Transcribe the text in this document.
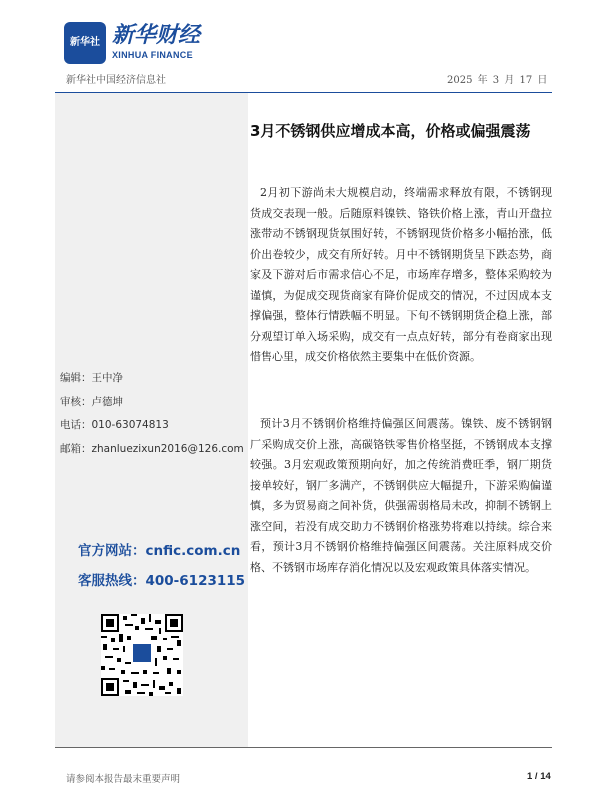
新华社 新华财经
XINHUA FINANCE
新华社中国经济信息社	2025 年 3 月 17 日
编辑：王中净
审核：卢德坤
电话：010-63074813
邮箱：zhanluezixun2016@126.com
官方网站：cnfic.com.cn
客服热线：400-6123115
3月不锈钢供应增成本高，价格或偏强震荡

2月初下游尚未大规模启动，终端需求释放有限，不锈钢现货成交表现一般。后随原料镍铁、铬铁价格上涨，青山开盘拉涨带动不锈钢现货氛围好转，不锈钢现货价格多小幅抬涨，低价出卷较少，成交有所好转。月中不锈钢期货呈下跌态势，商家及下游对后市需求信心不足，市场库存增多，整体采购较为谨慎，为促成交现货商家有降价促成交的情况，不过因成本支撑偏强，整体行情跌幅不明显。下旬不锈钢期货企稳上涨，部分观望订单入场采购，成交有一点点好转，部分有卷商家出现惜售心里，成交价格依然主要集中在低价资源。

预计3月不锈钢价格维持偏强区间震荡。镍铁、废不锈钢钢厂采购成交价上涨，高碳铬铁零售价格坚挺，不锈钢成本支撑较强。3月宏观政策预期向好，加之传统消费旺季，钢厂期货接单较好，钢厂多满产，不锈钢供应大幅提升，下游采购偏谨慎，多为贸易商之间补货，供强需弱格局未改，抑制不锈钢上涨空间，若没有成交助力不锈钢价格涨势将难以持续。综合来看，预计3月不锈钢价格维持偏强区间震荡。关注原料成交价格、不锈钢市场库存消化情况以及宏观政策具体落实情况。

请参阅本报告最末重要声明	1 / 14
